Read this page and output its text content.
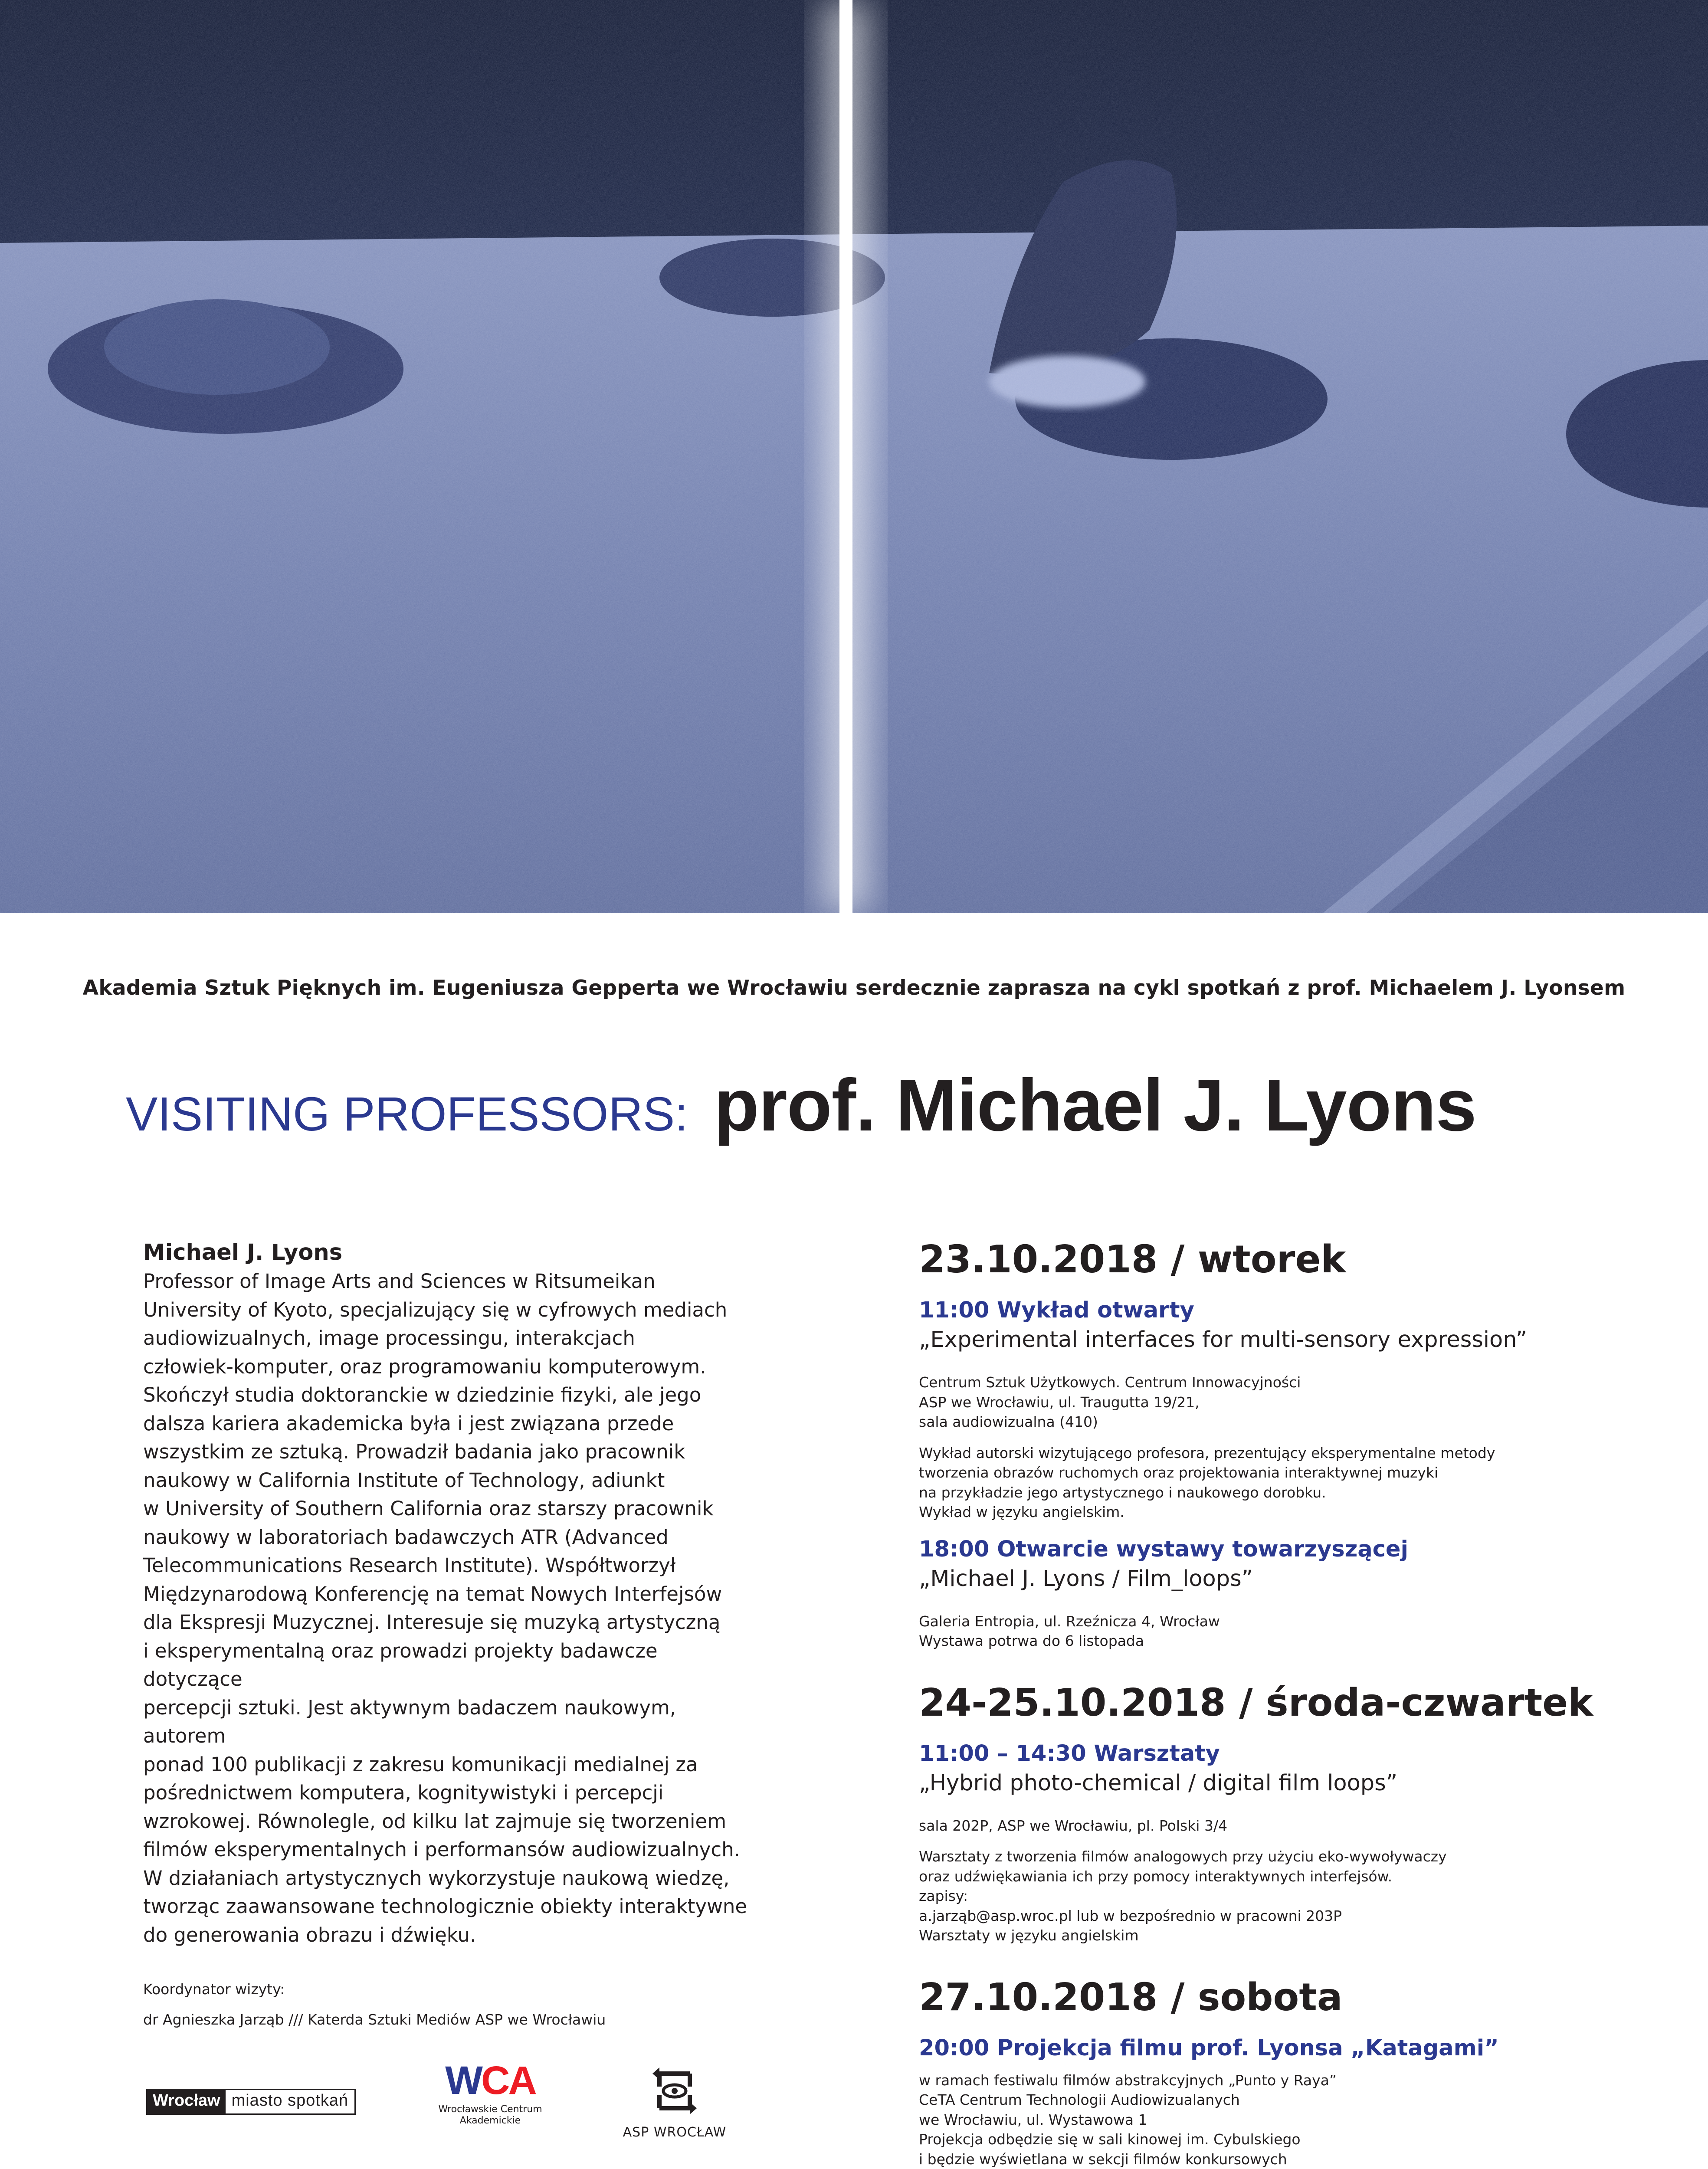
Akademia Sztuk Pięknych im. Eugeniusza Gepperta we Wrocławiu serdecznie zaprasza na cykl spotkań z prof. Michaelem J. Lyonsem
VISITING PROFESSORS: prof. Michael J. Lyons
Michael J. Lyons
Professor of Image Arts and Sciences w Ritsumeikan
University of Kyoto, specjalizujący się w cyfrowych mediach
audiowizualnych, image processingu, interakcjach
człowiek-komputer, oraz programowaniu komputerowym.
Skończył studia doktoranckie w dziedzinie fizyki, ale jego
dalsza kariera akademicka była i jest związana przede
wszystkim ze sztuką. Prowadził badania jako pracownik
naukowy w California Institute of Technology, adiunkt
w University of Southern California oraz starszy pracownik
naukowy w laboratoriach badawczych ATR (Advanced
Telecommunications Research Institute). Współtworzył
Międzynarodową Konferencję na temat Nowych Interfejsów
dla Ekspresji Muzycznej. Interesuje się muzyką artystyczną
i eksperymentalną oraz prowadzi projekty badawcze dotyczące
percepcji sztuki. Jest aktywnym badaczem naukowym, autorem
ponad 100 publikacji z zakresu komunikacji medialnej za
pośrednictwem komputera, kognitywistyki i percepcji
wzrokowej. Równolegle, od kilku lat zajmuje się tworzeniem
filmów eksperymentalnych i performansów audiowizualnych.
W działaniach artystycznych wykorzystuje naukową wiedzę,
tworząc zaawansowane technologicznie obiekty interaktywne
do generowania obrazu i dźwięku.
Koordynator wizyty:
dr Agnieszka Jarząb /// Katerda Sztuki Mediów ASP we Wrocławiu
Wrocław miasto spotkań	WCA
Wrocławskie Centrum
Akademickie
ASP WROCŁAW
23.10.2018 / wtorek
11:00 Wykład otwarty
„Experimental interfaces for multi-sensory expression”
Centrum Sztuk Użytkowych. Centrum Innowacyjności
ASP we Wrocławiu, ul. Traugutta 19/21,
sala audiowizualna (410)
Wykład autorski wizytującego profesora, prezentujący eksperymentalne metody
tworzenia obrazów ruchomych oraz projektowania interaktywnej muzyki
na przykładzie jego artystycznego i naukowego dorobku.
Wykład w języku angielskim.
18:00 Otwarcie wystawy towarzyszącej
„Michael J. Lyons / Film_loops”
Galeria Entropia, ul. Rzeźnicza 4, Wrocław
Wystawa potrwa do 6 listopada
24-25.10.2018 / środa-czwartek
11:00 – 14:30 Warsztaty
„Hybrid photo-chemical / digital film loops”
sala 202P, ASP we Wrocławiu, pl. Polski 3/4
Warsztaty z tworzenia filmów analogowych przy użyciu eko-wywoływaczy
oraz udźwiękawiania ich przy pomocy interaktywnych interfejsów.
zapisy:
a.jarząb@asp.wroc.pl lub w bezpośrednio w pracowni 203P
Warsztaty w języku angielskim
27.10.2018 / sobota
20:00 Projekcja filmu prof. Lyonsa „Katagami”
w ramach festiwalu filmów abstrakcyjnych „Punto y Raya”
CeTA Centrum Technologii Audiowizualanych
we Wrocławiu, ul. Wystawowa 1
Projekcja odbędzie się w sali kinowej im. Cybulskiego
i będzie wyświetlana w sekcji filmów konkursowych
